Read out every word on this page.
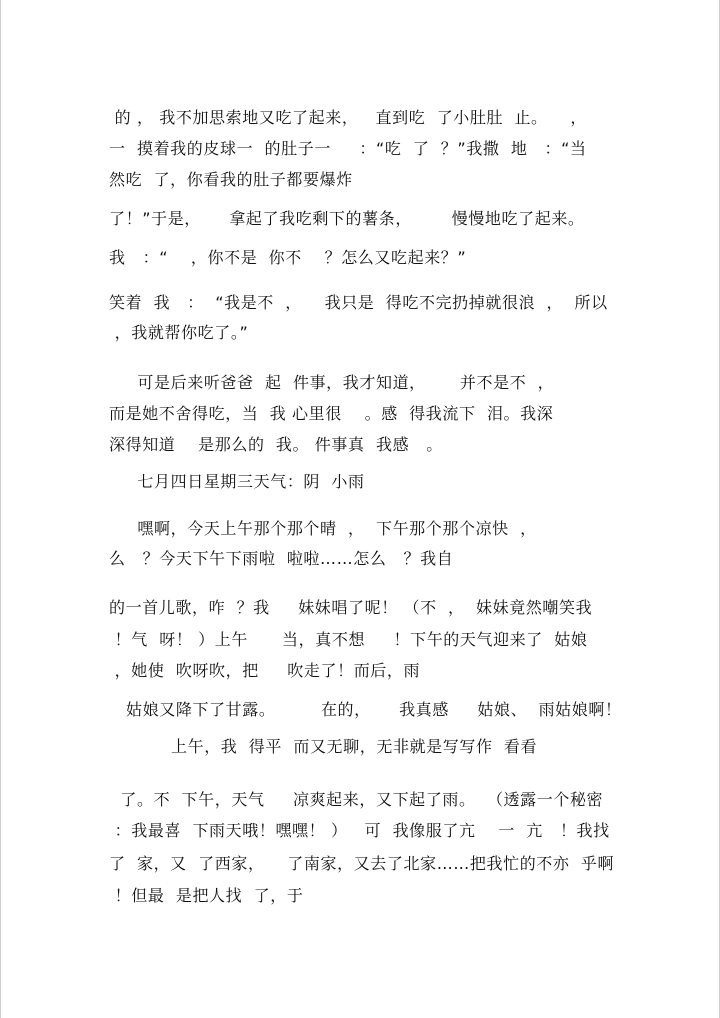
的 ， 我不加思索地又吃了起来，   直到吃  了小肚肚  止。    ，
一  摸着我的皮球一  的肚子一     ：“吃  了  ？”我撒  地   ：“当
然吃  了，你看我的肚子都要爆炸
了！”于是，     拿起了我吃剩下的薯条，       慢慢地吃了起来。
我   ：“    ，你不是  你不    ？怎么又吃起来？”
笑着  我   ：  “我是不  ，    我只是  得吃不完扔掉就很浪  ，  所以
，我就帮你吃了。”
可是后来听爸爸  起  件事，我才知道，      并不是不  ，
而是她不舍得吃，当  我 心里很    。感  得我流下  泪。我深
深得知道    是那么的  我。 件事真  我感   。
七月四日星期三天气：阴  小雨
嘿啊，今天上午那个那个晴  ，  下午那个那个凉快  ，
么   ？今天下午下雨啦  啦啦……怎么   ？我自
的一首儿歌，咋  ？我     妹妹唱了呢！ （不  ，  妹妹竟然嘲笑我
！气  呀！ ）上午      当，真不想     ！下午的天气迎来了  姑娘
，她使  吹呀吹，把     吹走了！而后，雨
姑娘又降下了甘露。        在的，     我真感     姑娘、  雨姑娘啊！
上午，我  得平  而又无聊，无非就是写写作  看看
了。不  下午，天气     凉爽起来，又下起了雨。  （透露一个秘密
：我最喜  下雨天哦！嘿嘿！ ）   可  我像服了亢    一  亢   ！我找
了  家，又  了西家，    了南家，又去了北家……把我忙的不亦  乎啊
！但最  是把人找  了，于
